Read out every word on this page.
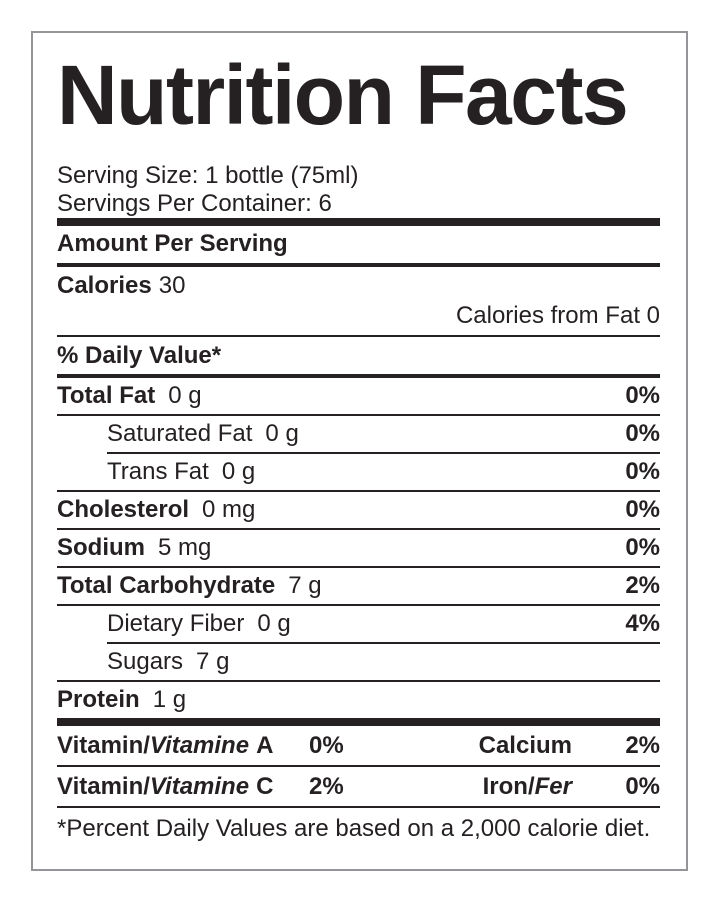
Nutrition Facts
Serving Size: 1 bottle (75ml)
Servings Per Container: 6
Amount Per Serving
Calories 30
Calories from Fat 0
% Daily Value*
Total Fat 0 g	0%
Saturated Fat 0 g	0%
Trans Fat 0 g	0%
Cholesterol 0 mg	0%
Sodium 5 mg	0%
Total Carbohydrate 7 g	2%
Dietary Fiber 0 g	4%
Sugars 7 g
Protein 1 g
Vitamin/Vitamine A	0%	Calcium	2%
Vitamin/Vitamine C	2%	Iron/Fer	0%
*Percent Daily Values are based on a 2,000 calorie diet.
